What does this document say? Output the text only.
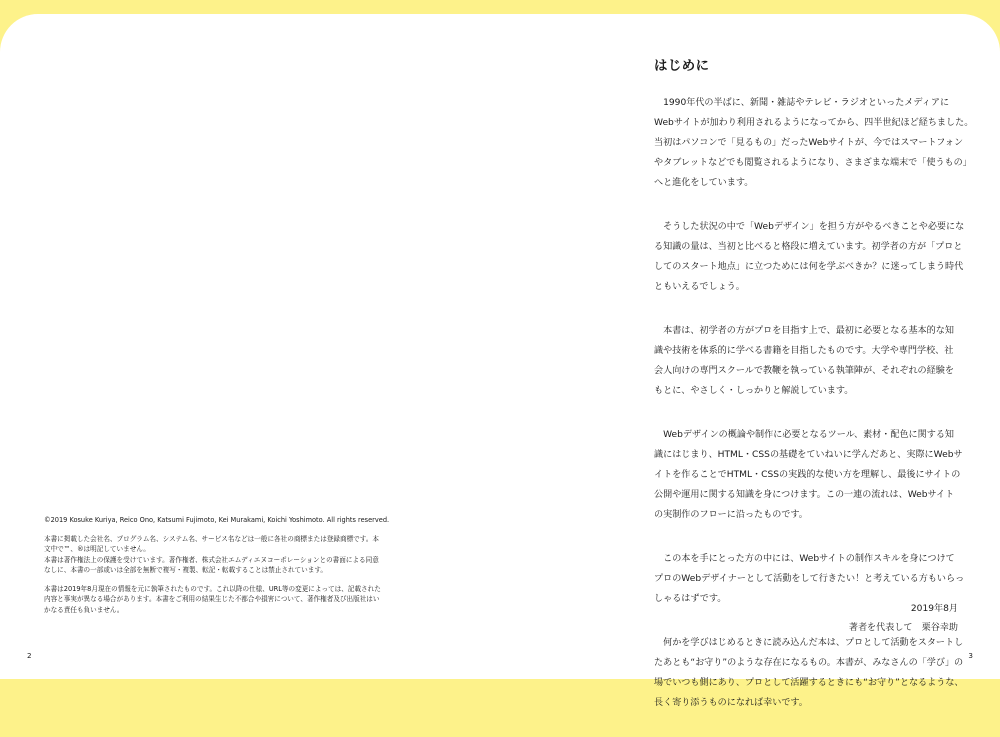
©2019 Kosuke Kuriya, Reico Ono, Katsumi Fujimoto, Kei Murakami, Koichi Yoshimoto. All rights reserved.

本書に掲載した会社名、プログラム名、システム名、サービス名などは一般に各社の商標または登録商標です。本
文中で™、®は明記していません。
本書は著作権法上の保護を受けています。著作権者、株式会社エムディエヌコーポレーションとの書面による同意
なしに、本書の一部或いは全部を無断で複写・複製、転記・転載することは禁止されています。

本書は2019年8月現在の情報を元に執筆されたものです。これ以降の仕様、URL等の変更によっては、記載された
内容と事実が異なる場合があります。本書をご利用の結果生じた不都合や損害について、著作権者及び出版社はい
かなる責任も負いません。

2
はじめに

　1990年代の半ばに、新聞・雑誌やテレビ・ラジオといったメディアに
Webサイトが加わり利用されるようになってから、四半世紀ほど経ちました。
当初はパソコンで「見るもの」だったWebサイトが、今ではスマートフォン
やタブレットなどでも閲覧されるようになり、さまざまな端末で「使うもの」
へと進化をしています。

　そうした状況の中で「Webデザイン」を担う方がやるべきことや必要にな
る知識の量は、当初と比べると格段に増えています。初学者の方が「プロと
してのスタート地点」に立つためには何を学ぶべきか？に迷ってしまう時代
ともいえるでしょう。

　本書は、初学者の方がプロを目指す上で、最初に必要となる基本的な知
識や技術を体系的に学べる書籍を目指したものです。大学や専門学校、社
会人向けの専門スクールで教鞭を執っている執筆陣が、それぞれの経験を
もとに、やさしく・しっかりと解説しています。

　Webデザインの概論や制作に必要となるツール、素材・配色に関する知
識にはじまり、HTML・CSSの基礎をていねいに学んだあと、実際にWebサ
イトを作ることでHTML・CSSの実践的な使い方を理解し、最後にサイトの
公開や運用に関する知識を身につけます。この一連の流れは、Webサイト
の実制作のフローに沿ったものです。

　この本を手にとった方の中には、Webサイトの制作スキルを身につけて
プロのWebデザイナーとして活動をして行きたい！と考えている方もいらっ
しゃるはずです。

　何かを学びはじめるときに読み込んだ本は、プロとして活動をスタートし
たあとも“お守り”のような存在になるもの。本書が、みなさんの「学び」の
場でいつも側にあり、プロとして活躍するときにも“お守り”となるような、
長く寄り添うものになれば幸いです。

2019年8月
著者を代表して　栗谷幸助
3
